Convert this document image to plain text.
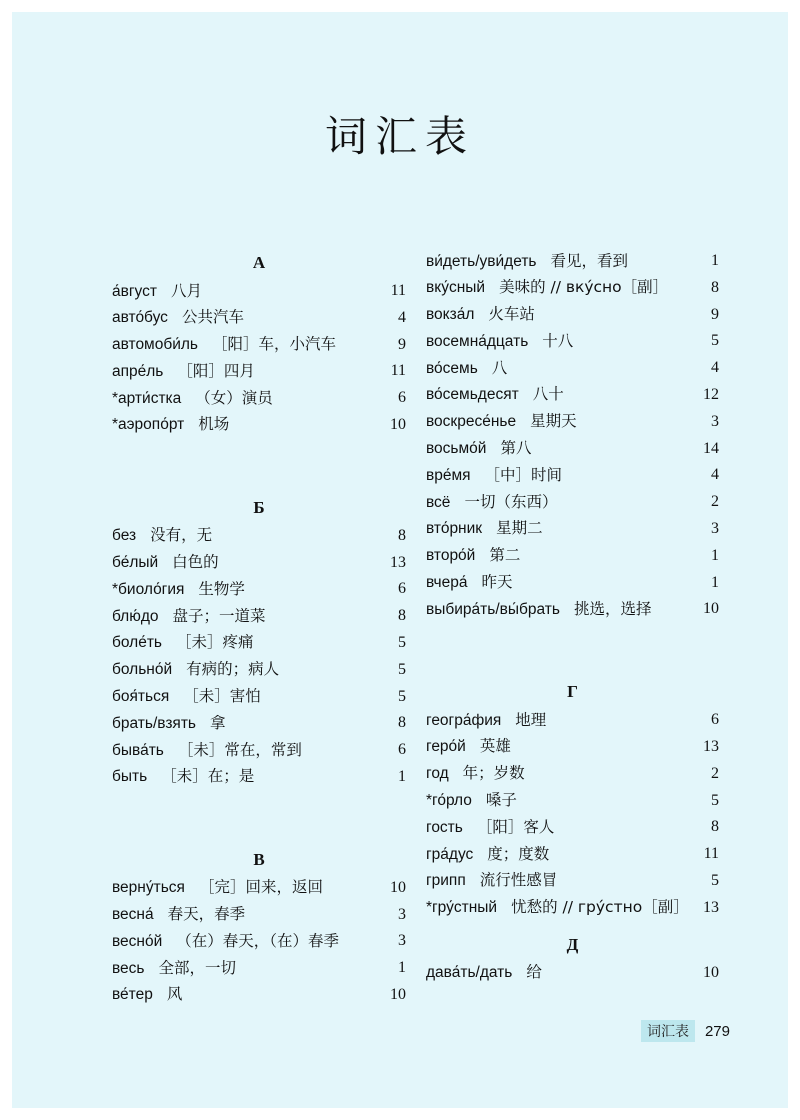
词汇表
А
а́вгуст 八月	11
авто́бус 公共汽车	4
автомоби́ль ［阳］车，小汽车	9
апре́ль ［阳］四月	11
*арти́стка （女）演员	6
*аэропо́рт 机场	10
Б
без 没有，无	8
бе́лый 白色的	13
*биоло́гия 生物学	6
блю́до 盘子；一道菜	8
боле́ть ［未］疼痛	5
больно́й 有病的；病人	5
боя́ться ［未］害怕	5
брать/взять 拿	8
быва́ть ［未］常在，常到	6
быть ［未］在；是	1
В
верну́ться ［完］回来，返回	10
весна́ 春天，春季	3
весно́й （在）春天，（在）春季	3
весь 全部，一切	1
ве́тер 风	10
ви́деть/уви́деть 看见，看到	1
вку́сный 美味的 // вку́сно［副］	8
вокза́л 火车站	9
восемна́дцать 十八	5
во́семь 八	4
во́семьдесят 八十	12
воскресе́нье 星期天	3
восьмо́й 第八	14
вре́мя ［中］时间	4
всё 一切（东西）	2
вто́рник 星期二	3
второ́й 第二	1
вчера́ 昨天	1
выбира́ть/вы́брать 挑选，选择	10
Г
геогра́фия 地理	6
геро́й 英雄	13
год 年；岁数	2
*го́рло 嗓子	5
гость ［阳］客人	8
гра́дус 度；度数	11
грипп 流行性感冒	5
*гру́стный 忧愁的 // гру́стно［副］ 13
Д
дава́ть/дать 给	10
词汇表	279
